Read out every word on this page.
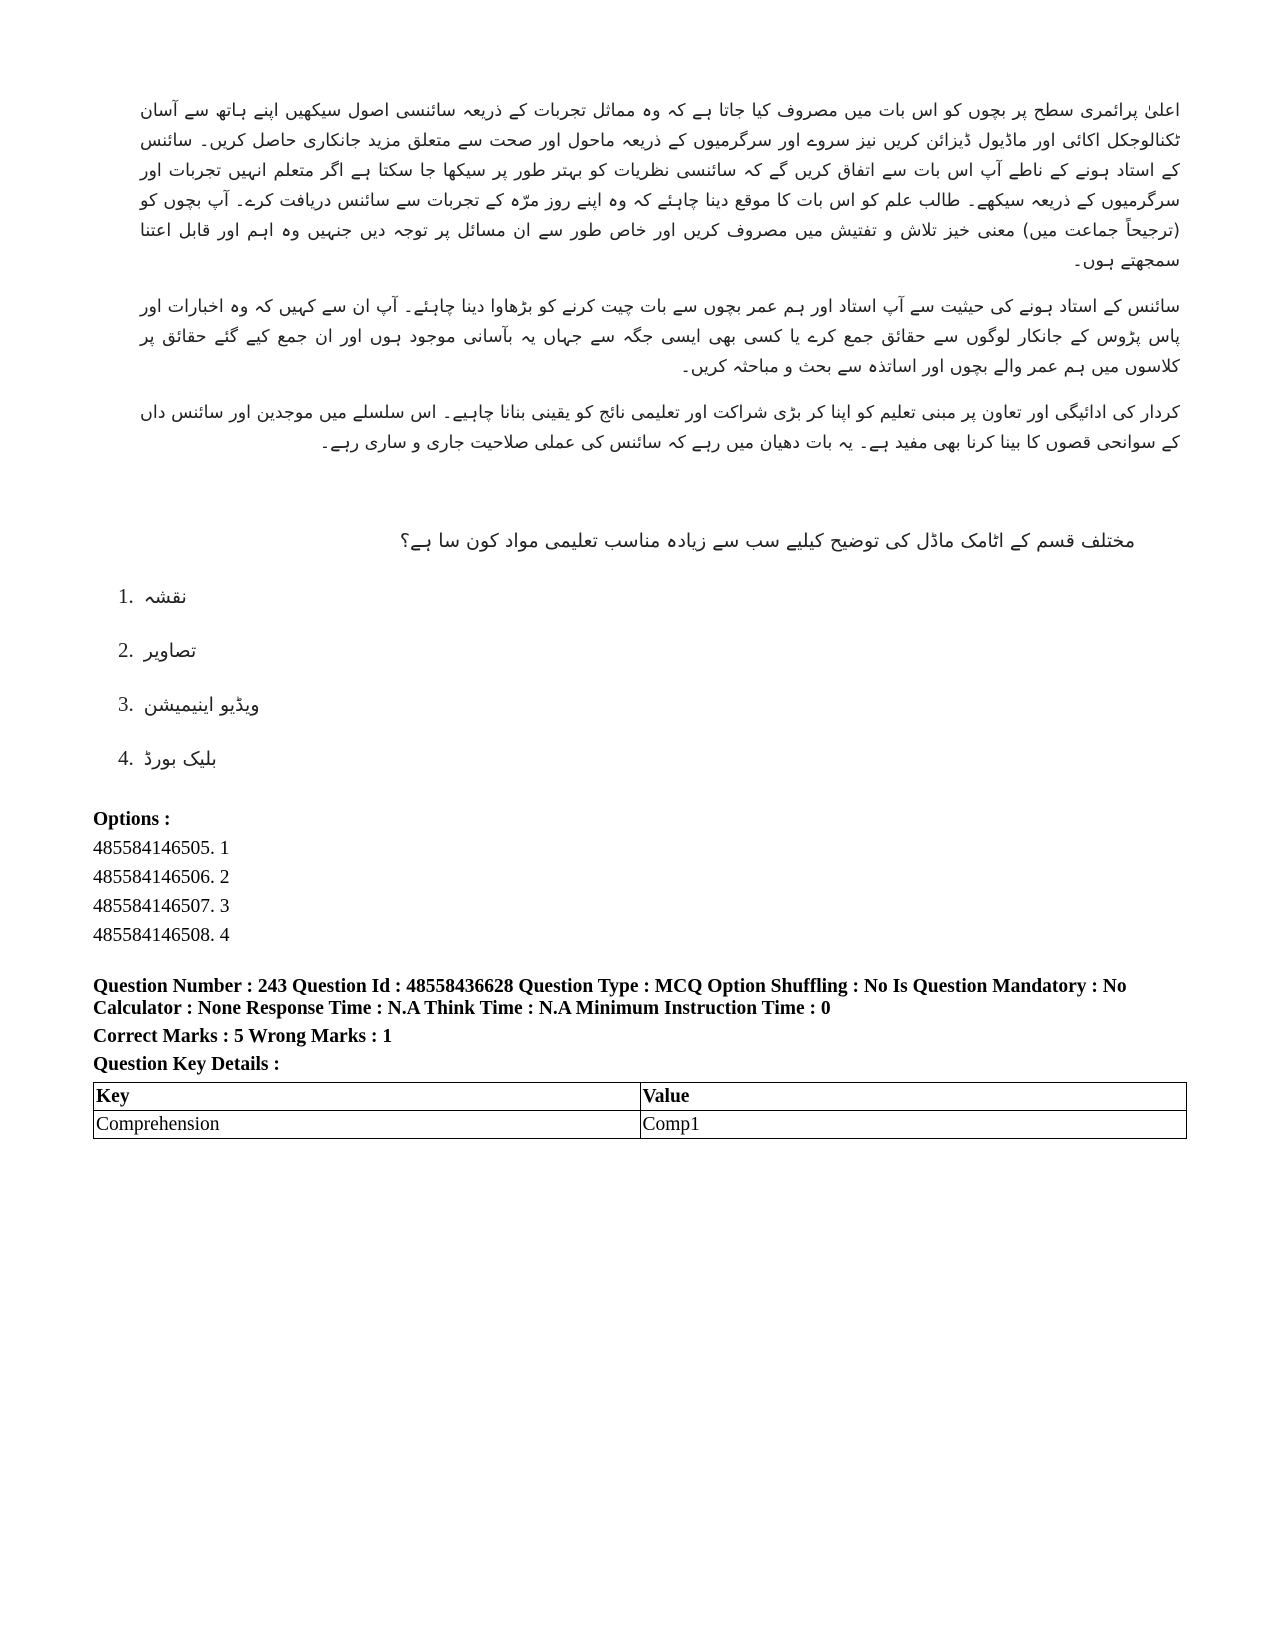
اعلیٰ پرائمری سطح پر بچوں کو اس بات میں مصروف کیا جاتا ہے کہ وہ مماثل تجربات کے ذریعہ سائنسی اصول سیکھیں اپنے ہاتھ سے آسان ٹکنالوجکل اکائی اور ماڈیول ڈیزائن کریں نیز سروے اور سرگرمیوں کے ذریعہ ماحول اور صحت سے متعلق مزید جانکاری حاصل کریں۔ سائنس کے استاد ہونے کے ناطے آپ اس بات سے اتفاق کریں گے کہ سائنسی نظریات کو بہتر طور پر سیکھا جا سکتا ہے اگر متعلم انہیں تجربات اور سرگرمیوں کے ذریعہ سیکھے۔ طالب علم کو اس بات کا موقع دینا چاہئے کہ وہ اپنے روز مرّہ کے تجربات سے سائنس دریافت کرے۔ آپ بچوں کو (ترجیحاً جماعت میں) معنی خیز تلاش و تفتیش میں مصروف کریں اور خاص طور سے ان مسائل پر توجہ دیں جنہیں وہ اہم اور قابل اعتنا سمجھتے ہوں۔

سائنس کے استاد ہونے کی حیثیت سے آپ استاد اور ہم عمر بچوں سے بات چیت کرنے کو بڑھاوا دینا چاہئے۔ آپ ان سے کہیں کہ وہ اخبارات اور پاس پڑوس کے جانکار لوگوں سے حقائق جمع کرے یا کسی بھی ایسی جگہ سے جہاں یہ بآسانی موجود ہوں اور ان جمع کیے گئے حقائق پر کلاسوں میں ہم عمر والے بچوں اور اساتذہ سے بحث و مباحثہ کریں۔

کردار کی ادائیگی اور تعاون پر مبنی تعلیم کو اپنا کر بڑی شراکت اور تعلیمی نائج کو یقینی بنانا چاہیے۔ اس سلسلے میں موجدین اور سائنس داں کے سوانحی قصوں کا بینا کرنا بھی مفید ہے۔ یہ بات دھیان میں رہے کہ سائنس کی عملی صلاحیت جاری و ساری رہے۔

مختلف قسم کے اٹامک ماڈل کی توضیح کیلیے سب سے زیادہ مناسب تعلیمی مواد کون سا ہے؟
1. نقشہ
2. تصاویر
3. ویڈیو اینیمیشن
4. بلیک بورڈ
Options :
485584146505. 1
485584146506. 2
485584146507. 3
485584146508. 4
Question Number : 243 Question Id : 48558436628 Question Type : MCQ Option Shuffling : No Is Question Mandatory : No Calculator : None Response Time : N.A Think Time : N.A Minimum Instruction Time : 0
Correct Marks : 5 Wrong Marks : 1
Question Key Details :
Key	Value
Comprehension	Comp1
